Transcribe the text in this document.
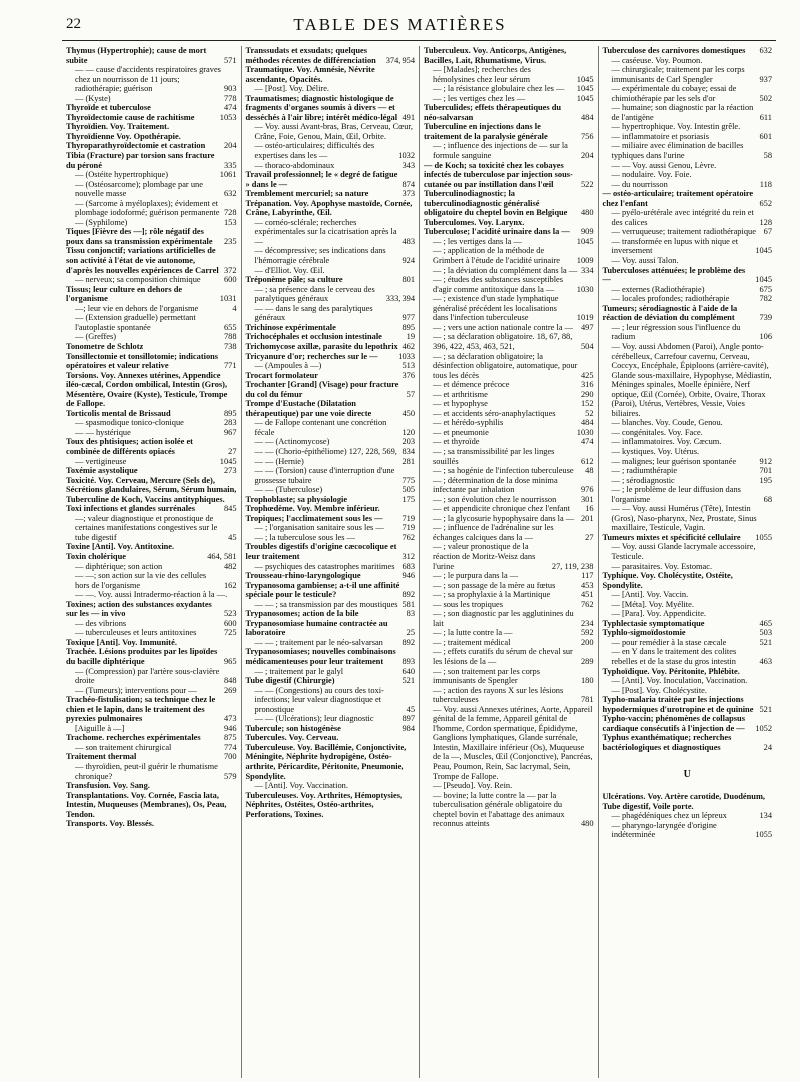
22	TABLE DES MATIÈRES
Thymus (Hypertrophie); cause de mort subite	571
— — cause d'accidents respiratoires graves chez un nourrisson de 11 jours; radiothérapie; guérison	903
— (Kyste)	778
Thyroïde et tuberculose	474
Thyroïdectomie cause de rachitisme	1053
Thyroïdien. Voy. Traitement.
Thyroïdienne Voy. Opothérapie.
Thyroparathyroïdectomie et castration	204
Tibia (Fracture) par torsion sans fracture du péroné	335
— (Ostéite hypertrophique)	1061
— (Ostéosarcome); plombage par une nouvelle masse	632
— (Sarcome à myéloplaxes); évidement et plombage iodoformé; guérison permanente 728
— (Syphilome)	153
Tiques [Fièvre des —]; rôle négatif des poux dans sa transmission expérimentale	235
Tissu conjonctif; variations artificielles de son activité à l'état de vie autonome, d'après les nouvelles expériences de Carrel 372
— nerveux; sa composition chimique	600
Tissus; leur culture en dehors de l'organisme	1031
—; leur vie en dehors de l'organisme	4
— (Extension graduelle) permettant l'autoplastie spontanée	655
— (Greffes)	788
Tonometre de Schlotz	738
Tonsillectomie et tonsillotomie; indications opératoires et valeur relative	771
Torsions. Voy. Annexes utérines, Appendice iléo-cæcal, Cordon ombilical, Intestin (Gros), Mésentère, Ovaire (Kyste), Testicule, Trompe de Fallope.
Torticolis mental de Brissaud	895
— spasmodique tonico-clonique	283
— — hystérique	967
Toux des phtisiques; action isolée et combinée de différents opiacés	27
— vertigineuse	1045
Toxémie asystolique	273
Toxicité. Voy. Cerveau, Mercure (Sels de), Sécrétions glandulaires, Sérum, Sérum humain, Tuberculine de Koch, Vaccins antityphiques.
Toxi infections et glandes surrénales	845
—; valeur diagnostique et pronostique de certaines manifestations congestives sur le tube digestif	45
Toxine [Anti]. Voy. Antitoxine.
Toxin cholérique	464, 581
— diphtérique; son action	482
— —; son action sur la vie des cellules hors de l'organisme	162
— —. Voy. aussi Intradermo-réaction à la —.
Toxines; action des substances oxydantes sur les — in vivo	523
— des vibrions	600
— tuberculeuses et leurs antitoxines	725
Toxique [Anti]. Voy. Immunité.
Trachée. Lésions produites par les lipoïdes du bacille diphtérique	965
— (Compression) par l'artère sous-clavière droite	848
— (Tumeurs); interventions pour —	269
Trachéo-fistulisation; sa technique chez le chien et le lapin, dans le traitement des pyrexies pulmonaires	473
[Aiguille à —]	946
Trachome. recherches expérimentales	875
— son traitement chirurgical	774
Traitement thermal	700
— thyroïdien, peut-il guérir le rhumatisme chronique?	579
Transfusion. Voy. Sang.
Transplantations. Voy. Cornée, Fascia lata, Intestin, Muqueuses (Membranes), Os, Peau, Tendon.
Transports. Voy. Blessés.
Transsudats et exsudats; quelques méthodes récentes de différenciation	374, 954
Traumatique. Voy. Amnésie, Névrite ascendante, Opacités.
— [Post]. Voy. Délire.
Traumatismes; diagnostic histologique de fragments d'organes soumis à divers — et desséchés à l'air libre; intérêt médico-légal 491
— Voy. aussi Avant-bras, Bras, Cerveau, Cœur, Crâne, Foie, Genou, Main, Œil, Orbite.
— ostéo-articulaires; difficultés des expertises dans les —	1032
— thoraco-abdominaux	343
Travail professionnel; le « degré de fatigue » dans le —	874
Tremblement mercuriel; sa nature	373
Trépanation. Voy. Apophyse mastoïde, Cornée, Crâne, Labyrinthe, Œil.
— cornéo-sclérale; recherches expérimentales sur la cicatrisation après la —	483
— décompressive; ses indications dans l'hémorragie cérébrale	924
— d'Elliot. Voy. Œil.
Tréponème pâle; sa culture	801
— ; sa présence dans le cerveau des paralytiques généraux	333, 394
— — dans le sang des paralytiques généraux	977
Trichinose expérimentale	895
Trichocéphales et occlusion intestinale	19
Trichomycose axillæ, parasite du lepothrix 462
Tricyanure d'or; recherches sur le —	1033
— (Ampoules à —)	513
Trocart formolateur	376
Trochanter [Grand] (Visage) pour fracture du col du fémur	57
Trompe d'Eustache (Dilatation thérapeutique) par une voie directe	450
— de Fallope contenant une concrétion fécale	120
— — (Actinomycose)	203
— — (Chorio-épithéliome) 127, 228, 569, 834
— — (Hernie)	281
— — (Torsion) cause d'interruption d'une grossesse tubaire	775
— — (Tuberculose)	505
Trophoblaste; sa physiologie	175
Trophœdème. Voy. Membre inférieur.
Tropiques; l'acclimatement sous les —	719
— ; l'organisation sanitaire sous les —	719
— ; la tuberculose sous les —	762
Troubles digestifs d'origine cæcocolique et leur traitement	312
— psychiques des catastrophes maritimes 683
Trousseau-rhino-laryngologique	946
Trypanosoma gambiense; a-t-il une affinité spéciale pour le testicule?	892
— — ; sa transmission par des moustiques 581
Trypanosomes; action de la bile	83
Trypanosomiase humaine contractée au laboratoire	25
— — ; traitement par le néo-salvarsan	892
Trypanosomiases; nouvelles combinaisons médicamenteuses pour leur traitement	893
— ; traitement par le galyl	640
Tube digestif (Chirurgie)	521
— — (Congestions) au cours des toxi-infections; leur valeur diagnostique et pronostique	45
— — (Ulcérations); leur diagnostic	897
Tubercule; son histogénèse	984
Tubercules. Voy. Cerveau.
Tuberculeuse. Voy. Bacillémie, Conjonctivite, Méningite, Néphrite hydropigène, Ostéo-arthrite, Péricardite, Péritonite, Pneumonie, Spondylite.
— [Anti]. Voy. Vaccination.
Tuberculeuses. Voy. Arthrites, Hémoptysies, Néphrites, Ostéites, Ostéo-arthrites, Perforations, Toxines.
Tuberculeux. Voy. Anticorps, Antigènes, Bacilles, Lait, Rhumatisme, Virus.
— [Malades]; recherches des hémolysines chez leur sérum	1045
— ; la résistance globulaire chez les —	1045
— ; les vertiges chez les —	1045
Tuberculides; effets thérapeutiques du néo-salvarsan	484
Tuberculine en injections dans le traitement de la paralysie générale	756
— ; influence des injections de — sur la formule sanguine	204
— de Koch; sa toxicité chez les cobayes infectés de tuberculose par injection sous-cutanée ou par instillation dans l'œil	522
Tuberculinodiagnostic; la tuberculinodiagnostic généralisé obligatoire du cheptel bovin en Belgique	480
Tuberculomes. Voy. Larynx.
Tuberculose; l'acidité urinaire dans la —	909
— ; les vertiges dans la —	1045
— ; application de la méthode de Grimbert à l'étude de l'acidité urinaire	1009
— ; la déviation du complément dans la — 334
— ; études des substances susceptibles d'agir comme antitoxique dans la —	1030
— ; existence d'un stade lymphatique généralisé précédent les localisations dans l'infection tuberculeuse	1019
— ; vers une action nationale contre la — 497
— ; sa déclaration obligatoire. 18, 67, 88, 396, 422, 453, 463, 521,	504
— ; sa déclaration obligatoire; la désinfection obligatoire, automatique, pour tous les décès	425
— et démence précoce	316
— et arthritisme	290
— et hypophyse	152
— et accidents séro-anaphylactiques	52
— et hérédo-syphilis	484
— et pneumonie	1030
— et thyroïde	474
— ; sa transmissibilité par les linges souillés	612
— ; sa hogénie de l'infection tuberculeuse	48
— ; détermination de la dose minima infectante par inhalation	976
— ; son évolution chez le nourrisson	301
— et appendicite chronique chez l'enfant	16
— ; la glycosurie hypophysaire dans la — 201
— ; influence de l'adrénaline sur les échanges calciques dans la —	27
— ; valeur pronostique de la réaction de Moritz-Weisz dans l'urine	27, 119, 238
— ; le purpura dans la —	117
— ; son passage de la mère au fœtus	453
— ; sa prophylaxie à la Martinique	451
— sous les tropiques	762
— ; son diagnostic par les agglutinines du lait	234
— ; la lutte contre la —	592
— ; traitement médical	200
— ; effets curatifs du sérum de cheval sur les lésions de la —	289
— ; son traitement par les corps immunisants de Spengler	180
— ; action des rayons X sur les lésions tuberculeuses	781
— Voy. aussi Annexes utérines, Aorte, Appareil génital de la femme, Appareil génital de l'homme, Cordon spermatique, Épididyme, Ganglions lymphatiques, Glande surrénale, Intestin, Maxillaire inférieur (Os), Muqueuse de la —, Muscles, Œil (Conjonctive), Pancréas, Peau, Poumon, Rein, Sac lacrymal, Sein, Trompe de Fallope.
— [Pseudo]. Voy. Rein.
— bovine; la lutte contre la — par la tuberculisation générale obligatoire du cheptel bovin et l'abattage des animaux reconnus atteints	480
Tuberculose des carnivores domestiques	632
— caséeuse. Voy. Poumon.
— chirurgicale; traitement par les corps immunisants de Carl Spengler	937
— expérimentale du cobaye; essai de chimiothérapie par les sels d'or	502
— humaine; son diagnostic par la réaction de l'antigène	611
— hypertrophique. Voy. Intestin grêle.
— inflammatoire et psoriasis	601
— miliaire avec élimination de bacilles typhiques dans l'urine	58
— — Voy. aussi Genou, Lèvre.
— nodulaire. Voy. Foie.
— du nourrisson	118
— ostéo-articulaire; traitement opératoire chez l'enfant	652
— pyélo-urétérale avec intégrité du rein et des calices	128
— verruqueuse; traitement radiothérapique 67
— transformée en lupus with nique et inversement	1045
— Voy. aussi Talon.
Tuberculoses atténuées; le problème des —	1045
— externes (Radiothérapie)	675
— locales profondes; radiothérapie	782
Tumeurs; sérodiagnostic à l'aide de la réaction de déviation du complément	739
— ; leur régression sous l'influence du radium	106
— Voy. aussi Abdomen (Paroi), Angle ponto-cérébelleux, Carrefour cavernu, Cerveau, Coccyx, Encéphale, Épiploons (arrière-cavité), Glande sous-maxillaire, Hypophyse, Médiastin, Méninges spinales, Moelle épinière, Nerf optique, Œil (Cornée), Orbite, Ovaire, Thorax (Paroi), Utérus, Vertèbres, Vessie, Voies biliaires.
— blanches. Voy. Coude, Genou.
— congénitales. Voy. Face.
— inflammatoires. Voy. Cæcum.
— kystiques. Voy. Utérus.
— malignes; leur guérison spontanée	912
— ; radiumthérapie	701
— ; sérodiagnostic	195
— ; le problème de leur diffusion dans l'organisme	68
— — Voy. aussi Humérus (Tête), Intestin (Gros), Naso-pharynx, Nez, Prostate, Sinus maxillaire, Testicule, Vagin.
Tumeurs mixtes et spécificité cellulaire	1055
— Voy. aussi Glande lacrymale accessoire, Testicule.
— parasitaires. Voy. Estomac.
Typhique. Voy. Cholécystite, Ostéite, Spondylite.
— [Anti]. Voy. Vaccin.
— [Méta]. Voy. Myélite.
— [Para]. Voy. Appendicite.
Typhlectasie symptomatique	465
Typhlo-sigmoïdostomie	503
— pour remédier à la stase cæcale	521
— en Y dans le traitement des colites rebelles et de la stase du gros intestin	463
Typhoïdique. Voy. Péritonite, Phlébite.
— [Anti]. Voy. Inoculation, Vaccination.
— [Post]. Voy. Cholécystite.
Typho-malaria traitée par les injections hypodermiques d'urotropine et de quinine 521
Typho-vaccin; phénomènes de collapsus cardiaque consécutifs à l'injection de —	1052
Typhus exanthématique; recherches bactériologiques et diagnostiques	24
U
Ulcérations. Voy. Artère carotide, Duodénum, Tube digestif, Voile porte.
— phagédéniques chez un lépreux	134
— pharyngo-laryngée d'origine indéterminée	1055
